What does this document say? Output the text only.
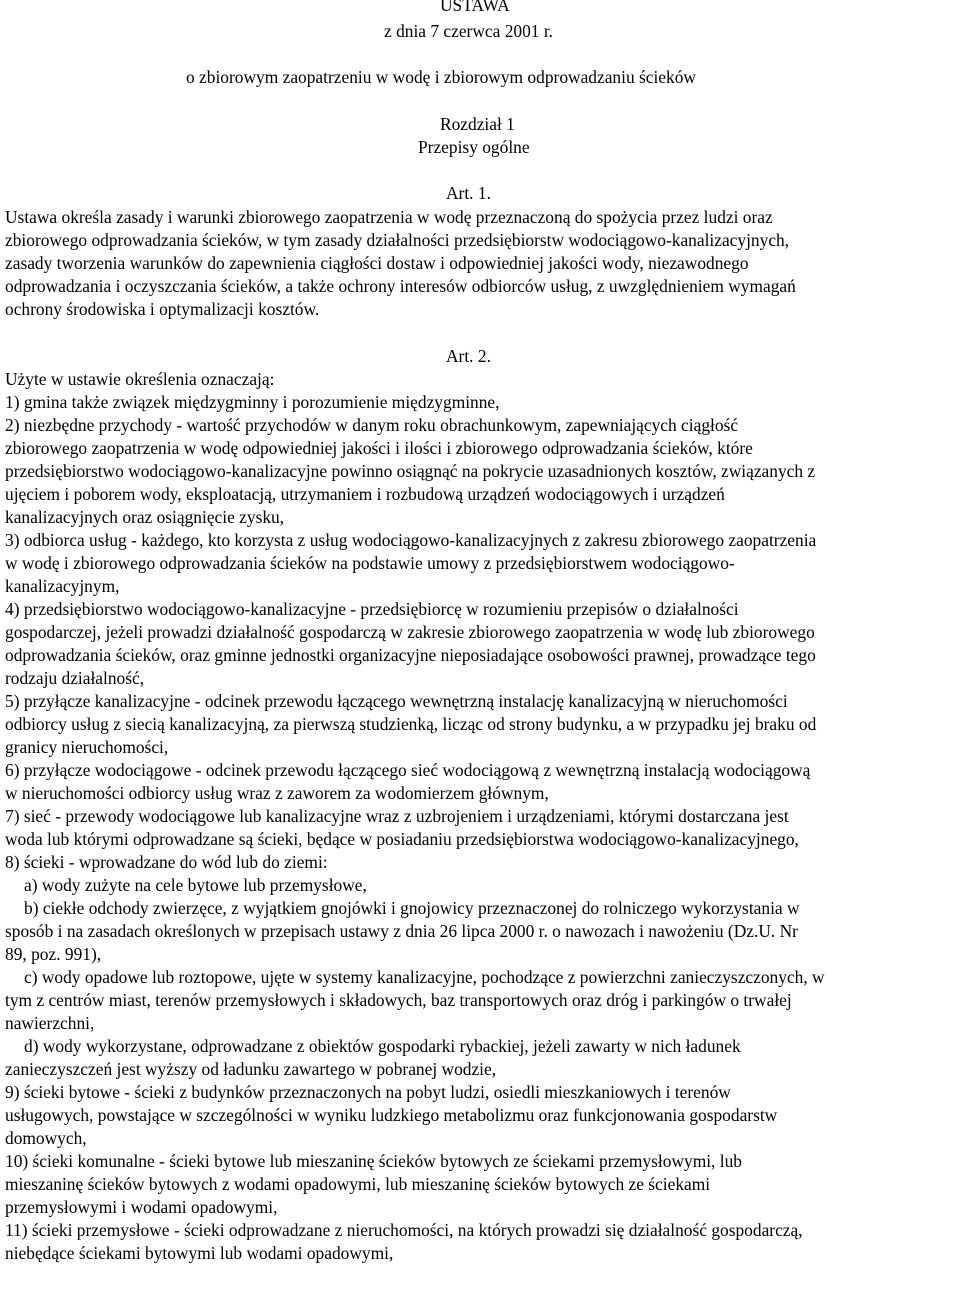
USTAWA
z dnia 7 czerwca 2001 r.
o zbiorowym zaopatrzeniu w wodę i zbiorowym odprowadzaniu ścieków
Rozdział 1
Przepisy ogólne
Art. 1.
Ustawa określa zasady i warunki zbiorowego zaopatrzenia w wodę przeznaczoną do spożycia przez ludzi oraz
zbiorowego odprowadzania ścieków, w tym zasady działalności przedsiębiorstw wodociągowo-kanalizacyjnych,
zasady tworzenia warunków do zapewnienia ciągłości dostaw i odpowiedniej jakości wody, niezawodnego
odprowadzania i oczyszczania ścieków, a także ochrony interesów odbiorców usług, z uwzględnieniem wymagań
ochrony środowiska i optymalizacji kosztów.
Art. 2.
Użyte w ustawie określenia oznaczają:
1) gmina także związek międzygminny i porozumienie międzygminne,
2) niezbędne przychody - wartość przychodów w danym roku obrachunkowym, zapewniających ciągłość
zbiorowego zaopatrzenia w wodę odpowiedniej jakości i ilości i zbiorowego odprowadzania ścieków, które
przedsiębiorstwo wodociągowo-kanalizacyjne powinno osiągnąć na pokrycie uzasadnionych kosztów, związanych z
ujęciem i poborem wody, eksploatacją, utrzymaniem i rozbudową urządzeń wodociągowych i urządzeń
kanalizacyjnych oraz osiągnięcie zysku,
3) odbiorca usług - każdego, kto korzysta z usług wodociągowo-kanalizacyjnych z zakresu zbiorowego zaopatrzenia
w wodę i zbiorowego odprowadzania ścieków na podstawie umowy z przedsiębiorstwem wodociągowo-
kanalizacyjnym,
4) przedsiębiorstwo wodociągowo-kanalizacyjne - przedsiębiorcę w rozumieniu przepisów o działalności
gospodarczej, jeżeli prowadzi działalność gospodarczą w zakresie zbiorowego zaopatrzenia w wodę lub zbiorowego
odprowadzania ścieków, oraz gminne jednostki organizacyjne nieposiadające osobowości prawnej, prowadzące tego
rodzaju działalność,
5) przyłącze kanalizacyjne - odcinek przewodu łączącego wewnętrzną instalację kanalizacyjną w nieruchomości
odbiorcy usług z siecią kanalizacyjną, za pierwszą studzienką, licząc od strony budynku, a w przypadku jej braku od
granicy nieruchomości,
6) przyłącze wodociągowe - odcinek przewodu łączącego sieć wodociągową z wewnętrzną instalacją wodociągową
w nieruchomości odbiorcy usług wraz z zaworem za wodomierzem głównym,
7) sieć - przewody wodociągowe lub kanalizacyjne wraz z uzbrojeniem i urządzeniami, którymi dostarczana jest
woda lub którymi odprowadzane są ścieki, będące w posiadaniu przedsiębiorstwa wodociągowo-kanalizacyjnego,
8) ścieki - wprowadzane do wód lub do ziemi:
a) wody zużyte na cele bytowe lub przemysłowe,
b) ciekłe odchody zwierzęce, z wyjątkiem gnojówki i gnojowicy przeznaczonej do rolniczego wykorzystania w
sposób i na zasadach określonych w przepisach ustawy z dnia 26 lipca 2000 r. o nawozach i nawożeniu (Dz.U. Nr
89, poz. 991),
c) wody opadowe lub roztopowe, ujęte w systemy kanalizacyjne, pochodzące z powierzchni zanieczyszczonych, w
tym z centrów miast, terenów przemysłowych i składowych, baz transportowych oraz dróg i parkingów o trwałej
nawierzchni,
d) wody wykorzystane, odprowadzane z obiektów gospodarki rybackiej, jeżeli zawarty w nich ładunek
zanieczyszczeń jest wyższy od ładunku zawartego w pobranej wodzie,
9) ścieki bytowe - ścieki z budynków przeznaczonych na pobyt ludzi, osiedli mieszkaniowych i terenów
usługowych, powstające w szczególności w wyniku ludzkiego metabolizmu oraz funkcjonowania gospodarstw
domowych,
10) ścieki komunalne - ścieki bytowe lub mieszaninę ścieków bytowych ze ściekami przemysłowymi, lub
mieszaninę ścieków bytowych z wodami opadowymi, lub mieszaninę ścieków bytowych ze ściekami
przemysłowymi i wodami opadowymi,
11) ścieki przemysłowe - ścieki odprowadzane z nieruchomości, na których prowadzi się działalność gospodarczą,
niebędące ściekami bytowymi lub wodami opadowymi,
